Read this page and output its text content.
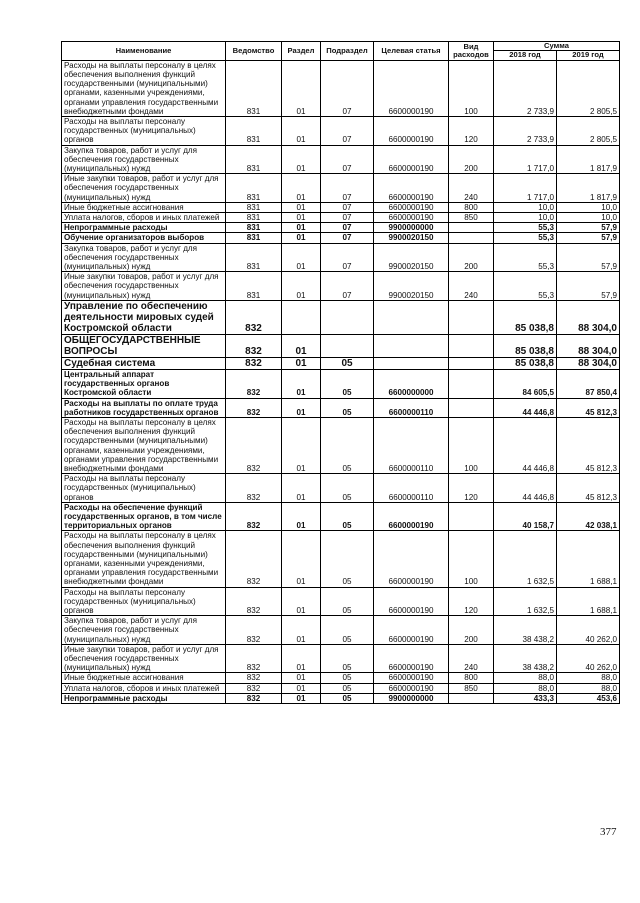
Наименование	Ведомство	Раздел	Подраздел	Целевая статья	Вид расходов	Сумма	
						2018 год	2019 год
Расходы на выплаты персоналу в целях обеспечения выполнения функций государственными (муниципальными) органами, казенными учреждениями, органами управления государственными внебюджетными фондами	831	01	07	6600000190	100	2 733,9	2 805,5
Расходы на выплаты персоналу государственных (муниципальных) органов	831	01	07	6600000190	120	2 733,9	2 805,5
Закупка товаров, работ и услуг для обеспечения государственных (муниципальных) нужд	831	01	07	6600000190	200	1 717,0	1 817,9
Иные закупки товаров, работ и услуг для обеспечения государственных (муниципальных) нужд	831	01	07	6600000190	240	1 717,0	1 817,9
Иные бюджетные ассигнования	831	01	07	6600000190	800	10,0	10,0
Уплата налогов, сборов и иных платежей	831	01	07	6600000190	850	10,0	10,0
Непрограммные расходы	831	01	07	9900000000		55,3	57,9
Обучение организаторов выборов	831	01	07	9900020150		55,3	57,9
Закупка товаров, работ и услуг для обеспечения государственных (муниципальных) нужд	831	01	07	9900020150	200	55,3	57,9
Иные закупки товаров, работ и услуг для обеспечения государственных (муниципальных) нужд	831	01	07	9900020150	240	55,3	57,9
Управление по обеспечению деятельности мировых судей Костромской области	832					85 038,8	88 304,0
ОБЩЕГОСУДАРСТВЕННЫЕ ВОПРОСЫ	832	01				85 038,8	88 304,0
Судебная система	832	01	05			85 038,8	88 304,0
Центральный аппарат государственных органов Костромской области	832	01	05	6600000000		84 605,5	87 850,4
Расходы на выплаты по оплате труда работников государственных органов	832	01	05	6600000110		44 446,8	45 812,3
Расходы на выплаты персоналу в целях обеспечения выполнения функций государственными (муниципальными) органами, казенными учреждениями, органами управления государственными внебюджетными фондами	832	01	05	6600000110	100	44 446,8	45 812,3
Расходы на выплаты персоналу государственных (муниципальных) органов	832	01	05	6600000110	120	44 446,8	45 812,3
Расходы на обеспечение функций государственных органов, в том числе территориальных органов	832	01	05	6600000190		40 158,7	42 038,1
Расходы на выплаты персоналу в целях обеспечения выполнения функций государственными (муниципальными) органами, казенными учреждениями, органами управления государственными внебюджетными фондами	832	01	05	6600000190	100	1 632,5	1 688,1
Расходы на выплаты персоналу государственных (муниципальных) органов	832	01	05	6600000190	120	1 632,5	1 688,1
Закупка товаров, работ и услуг для обеспечения государственных (муниципальных) нужд	832	01	05	6600000190	200	38 438,2	40 262,0
Иные закупки товаров, работ и услуг для обеспечения государственных (муниципальных) нужд	832	01	05	6600000190	240	38 438,2	40 262,0
Иные бюджетные ассигнования	832	01	05	6600000190	800	88,0	88,0
Уплата налогов, сборов и иных платежей	832	01	05	6600000190	850	88,0	88,0
Непрограммные расходы	832	01	05	9900000000		433,3	453,6
377
